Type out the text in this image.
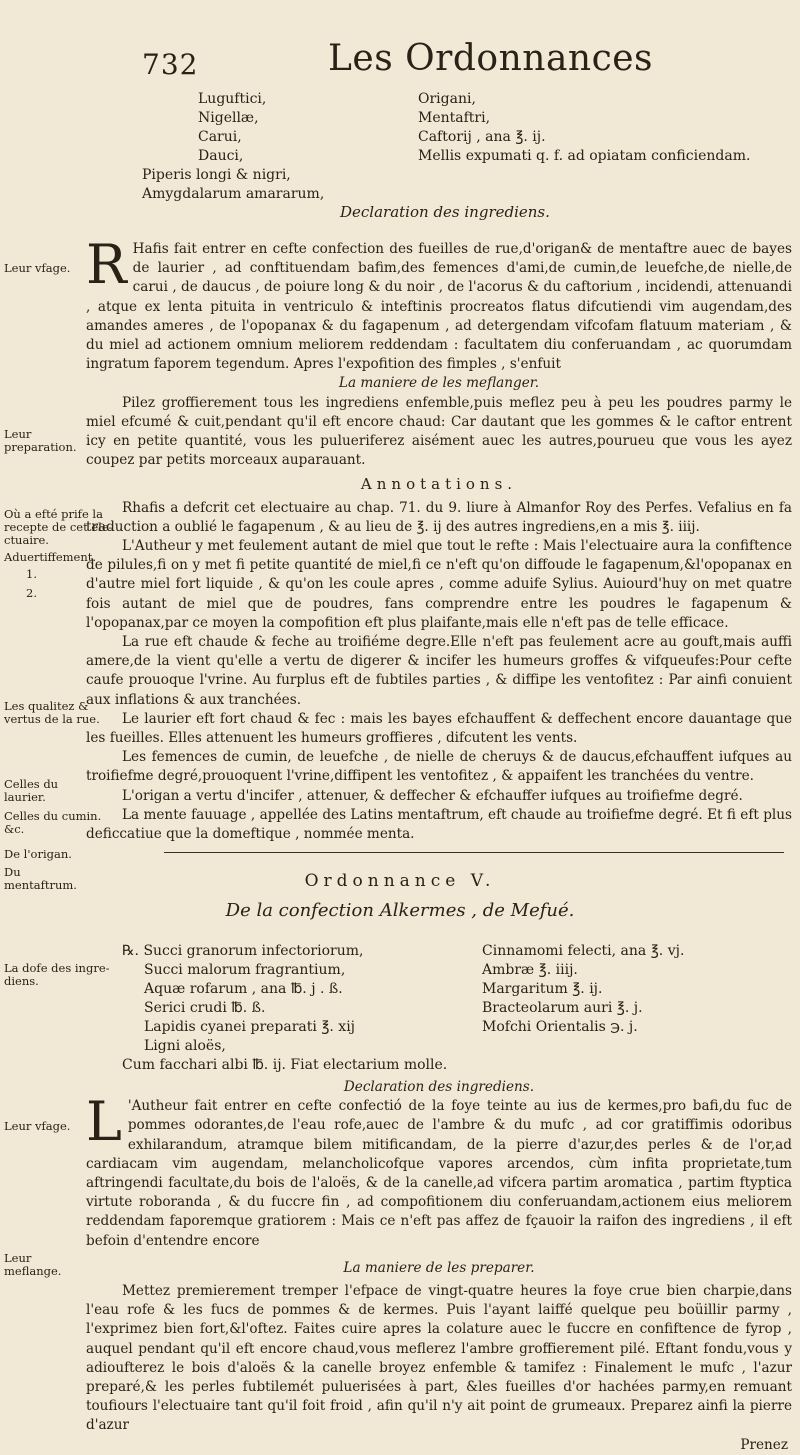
732	Les Ordonnances
Luguftici,
Nigellæ,
Carui,
Dauci,
Piperis longi & nigri,
Amygdalarum amararum,
Origani,
Mentaftri,
Caftorij , ana ℥. ij.
Mellis expumati q. f. ad opiatam conficiendam.
Declaration des ingrediens.
Leur vfage.
Leur preparation.
Où a efté prife la
recepte de cet ele-
ctuaire.
Aduertiffement.
1.
2.
Les qualitez &
vertus de la rue.
Celles du laurier.
Celles du cumin.
&c.
De l'origan.
Du mentaftrum.
La dofe des ingre-
diens.
Leur vfage.
Leur meflange.

R Hafis fait entrer en cefte confection des fueilles de rue,d'origan& de mentaftre auec de bayes de laurier , ad conftituendam bafim,des femences d'ami,de cumin,de leuefche,de nielle,de carui , de daucus , de poiure long & du noir , de l'acorus & du caftorium , incidendi, attenuandi , atque ex lenta pituita in ventriculo & inteftinis procreatos flatus difcutiendi vim augendam,des amandes ameres , de l'opopanax & du fagapenum , ad detergendam vifcofam flatuum materiam , & du miel ad actionem omnium meliorem reddendam : facultatem diu conferuandam , ac quorumdam ingratum faporem tegendum. Apres l'expofition des fimples , s'enfuit

La maniere de les meflanger.

Pilez groffierement tous les ingrediens enfemble,puis meflez peu à peu les poudres parmy le miel efcumé & cuit,pendant qu'il eft encore chaud: Car dautant que les gommes & le caftor entrent icy en petite quantité, vous les pulueriferez aisément auec les autres,pourueu que vous les ayez coupez par petits morceaux auparauant.

Annotations.

Rhafis a defcrit cet electuaire au chap. 71. du 9. liure à Almanfor Roy des Perfes. Vefalius en fa traduction a oublié le fagapenum , & au lieu de ℥. ij des autres ingrediens,en a mis ℥. iiij.

L'Autheur y met feulement autant de miel que tout le refte : Mais l'electuaire aura la confiftence de pilules,fi on y met fi petite quantité de miel,fi ce n'eft qu'on diffoude le fagapenum,&l'opopanax en d'autre miel fort liquide , & qu'on les coule apres , comme aduife Sylius. Auiourd'huy on met quatre fois autant de miel que de poudres, fans comprendre entre les poudres le fagapenum & l'opopanax,par ce moyen la compofition eft plus plaifante,mais elle n'eft pas de telle efficace.

La rue eft chaude & feche au troifiéme degre.Elle n'eft pas feulement acre au gouft,mais auffi amere,de la vient qu'elle a vertu de digerer & incifer les humeurs groffes & vifqueufes:Pour cefte caufe prouoque l'vrine. Au furplus eft de fubtiles parties , & diffipe les ventofitez : Par ainfi conuient aux inflations & aux tranchées.

Le laurier eft fort chaud & fec : mais les bayes efchauffent & deffechent encore dauantage que les fueilles. Elles attenuent les humeurs groffieres , difcutent les vents.

Les femences de cumin, de leuefche , de nielle de cheruys & de daucus,efchauffent iufques au troifiefme degré,prouoquent l'vrine,diffipent les ventofitez , & appaifent les tranchées du ventre.

L'origan a vertu d'incifer , attenuer, & deffecher & efchauffer iufques au troifiefme degré.

La mente fauuage , appellée des Latins mentaftrum, eft chaude au troifiefme degré. Et fi eft plus deficcatiue que la domeftique , nommée menta.

Ordonnance V.
De la confection Alkermes , de Mefué.
℞. Succi granorum infectoriorum,
Succi malorum fragrantium,
Aquæ rofarum , ana ℔. j . ß.
Serici crudi ℔. ß.
Lapidis cyanei preparati ℥. xij
Ligni aloës,
Cum facchari albi ℔. ij. Fiat electarium molle.
Cinnamomi felecti, ana ℥. vj.
Ambræ ℥. iiij.
Margaritum ℥. ij.
Bracteolarum auri ℥. j.
Mofchi Orientalis ℈. j.
Declaration des ingrediens.

L 'Autheur fait entrer en cefte confectió de la foye teinte au ius de kermes,pro bafi,du fuc de pommes odorantes,de l'eau rofe,auec de l'ambre & du mufc , ad cor gratiffimis odoribus exhilarandum, atramque bilem mitificandam, de la pierre d'azur,des perles & de l'or,ad cardiacam vim augendam, melancholicofque vapores arcendos, cùm infita proprietate,tum aftringendi facultate,du bois de l'aloës, & de la canelle,ad vifcera partim aromatica , partim ftyptica virtute roboranda , & du fuccre fin , ad compofitionem diu conferuandam,actionem eius meliorem reddendam faporemque gratiorem : Mais ce n'eft pas affez de fçauoir la raifon des ingrediens , il eft befoin d'entendre encore

La maniere de les preparer.

Mettez premierement tremper l'efpace de vingt-quatre heures la foye crue bien charpie,dans l'eau rofe & les fucs de pommes & de kermes. Puis l'ayant laiffé quelque peu boüillir parmy , l'exprimez bien fort,&l'oftez. Faites cuire apres la colature auec le fuccre en confiftence de fyrop , auquel pendant qu'il eft encore chaud,vous meflerez l'ambre groffierement pilé. Eftant fondu,vous y adioufterez le bois d'aloës & la canelle broyez enfemble & tamifez : Finalement le mufc , l'azur preparé,& les perles fubtilemét puluerisées à part, &les fueilles d'or hachées parmy,en remuant toufiours l'electuaire tant qu'il foit froid , afin qu'il n'y ait point de grumeaux. Preparez ainfi la pierre d'azur

Prenez
